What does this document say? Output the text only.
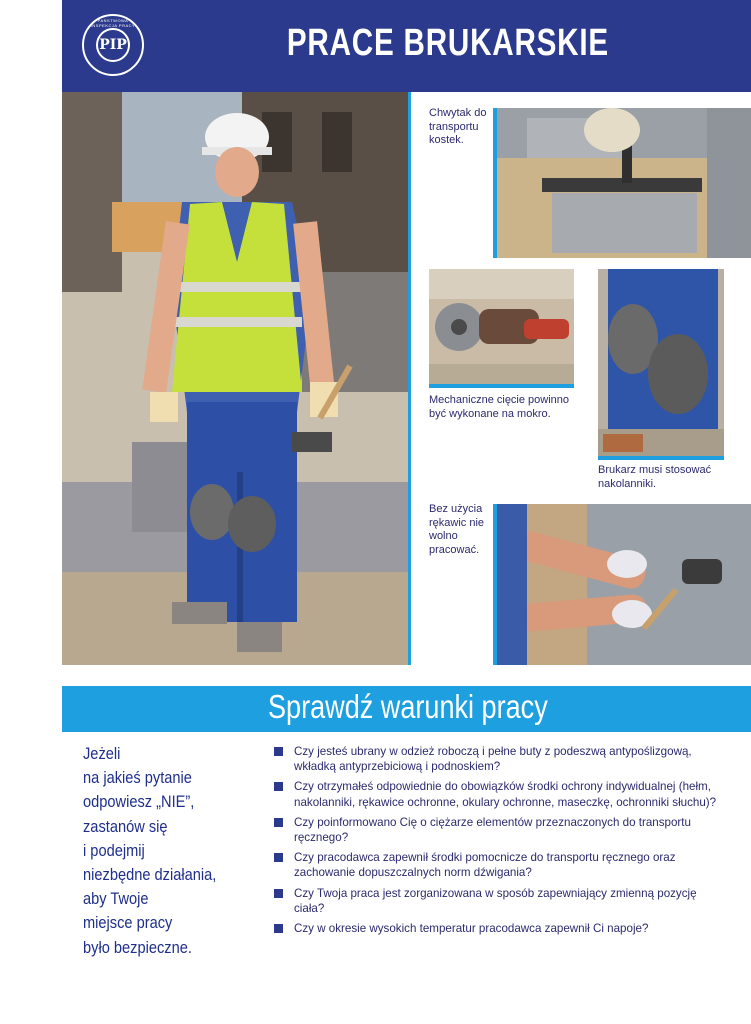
PAŃSTWOWA INSPEKCJA PRACY
PIP	PRACE BRUKARSKIE
Chwytak do transportu kostek.
Mechaniczne cięcie powinno być wykonane na mokro.
Brukarz musi stosować nakolanniki.
Bez użycia rękawic nie wolno pracować.
Sprawdź warunki pracy
Jeżeli
na jakieś pytanie
odpowiesz „NIE”,
zastanów się
i podejmij
niezbędne działania,
aby Twoje
miejsce pracy
było bezpieczne.
Czy jesteś ubrany w odzież roboczą i pełne buty z podeszwą antypoślizgową, wkładką antyprzebiciową i podnoskiem?
Czy otrzymałeś odpowiednie do obowiązków środki ochrony indywidualnej (hełm, nakolanniki, rękawice ochronne, okulary ochronne, maseczkę, ochronniki słuchu)?
Czy poinformowano Cię o ciężarze elementów przeznaczonych do transportu ręcznego?
Czy pracodawca zapewnił środki pomocnicze do transportu ręcznego oraz zachowanie dopuszczalnych norm dźwigania?
Czy Twoja praca jest zorganizowana w sposób zapewniający zmienną pozycję ciała?
Czy w okresie wysokich temperatur pracodawca zapewnił Ci napoje?
